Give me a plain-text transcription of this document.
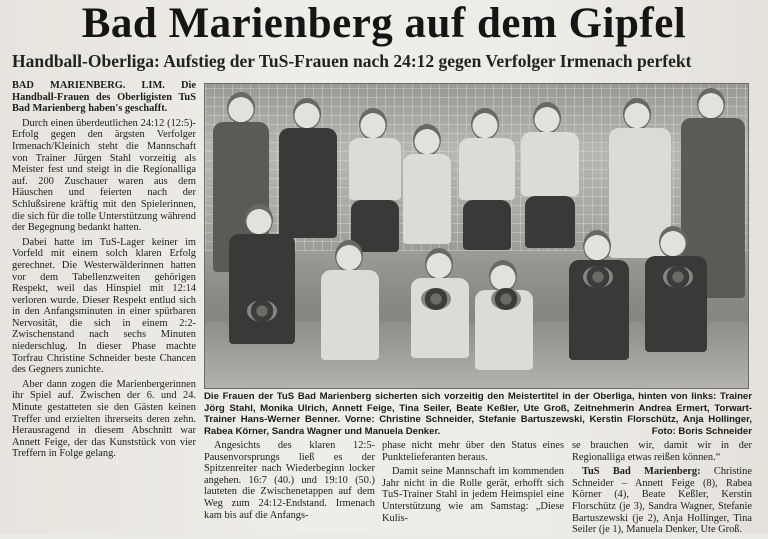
Bad Marienberg auf dem Gipfel
Handball-Oberliga: Aufstieg der TuS-Frauen nach 24:12 gegen Verfolger Irmenach perfekt

BAD MARIENBERG. LIM. Die Handball-Frauen des Oberligisten TuS Bad Marienberg haben's geschafft.

Durch einen überdeutlichen 24:12 (12:5)-Erfolg gegen den ärgsten Verfolger Irmenach/Kleinich steht die Mannschaft von Trainer Jürgen Stahl vorzeitig als Meister fest und steigt in die Regionalliga auf. 200 Zuschauer waren aus dem Häuschen und feierten nach der Schlußsirene kräftig mit den Spielerinnen, die sich für die tolle Unterstützung während der Begegnung bedankt hatten.

Dabei hatte im TuS-Lager keiner im Vorfeld mit einem solch klaren Erfolg gerechnet. Die Westerwälderinnen hatten vor dem Tabellenzweiten gehörigen Respekt, weil das Hinspiel mit 12:14 verloren wurde. Dieser Respekt entlud sich in den Anfangsminuten in einer spürbaren Nervosität, die sich in einem 2:2-Zwischenstand nach sechs Minuten niederschlug. In dieser Phase machte Torfrau Christine Schneider beste Chancen des Gegners zunichte.

Aber dann zogen die Marienbergerinnen ihr Spiel auf. Zwischen der 6. und 24. Minute gestatteten sie den Gästen keinen Treffer und erzielten ihrerseits deren zehn. Herausragend in diesem Abschnitt war Annett Feige, der das Kunststück von vier Treffern in Folge gelang.

Die Frauen der TuS Bad Marienberg sicherten sich vorzeitig den Meistertitel in der Oberliga, hinten von links: Trainer Jörg Stahl, Monika Ulrich, Annett Feige, Tina Seiler, Beate Keßler, Ute Groß, Zeitnehmerin Andrea Ermert, Torwart-Trainer Hans-Werner Benner. Vorne: Christine Schneider, Stefanie Bartuszewski, Kerstin Florschütz, Anja Hollinger, Rabea Körner, Sandra Wagner und Manuela Denker.	Foto: Boris Schneider

Angesichts des klaren 12:5-Pausenvorsprungs ließ es der Spitzenreiter nach Wiederbeginn locker angehen. 16:7 (40.) und 19:10 (50.) lauteten die Zwischenetappen auf dem Weg zum 24:12-Endstand. Irmenach kam bis auf die Anfangs-

phase nicht mehr über den Status eines Punktelieferanten heraus.

Damit seine Mannschaft im kommenden Jahr nicht in die Rolle gerät, erhofft sich TuS-Trainer Stahl in jedem Heimspiel eine Unterstützung wie am Samstag: „Diese Kulis-

se brauchen wir, damit wir in der Regionalliga etwas reißen können.“

TuS Bad Marienberg: Christine Schneider – Annett Feige (8), Rabea Körner (4), Beate Keßler, Kerstin Florschütz (je 3), Sandra Wagner, Stefanie Bartuszewski (je 2), Anja Hollinger, Tina Seiler (je 1), Manuela Denker, Ute Groß.
